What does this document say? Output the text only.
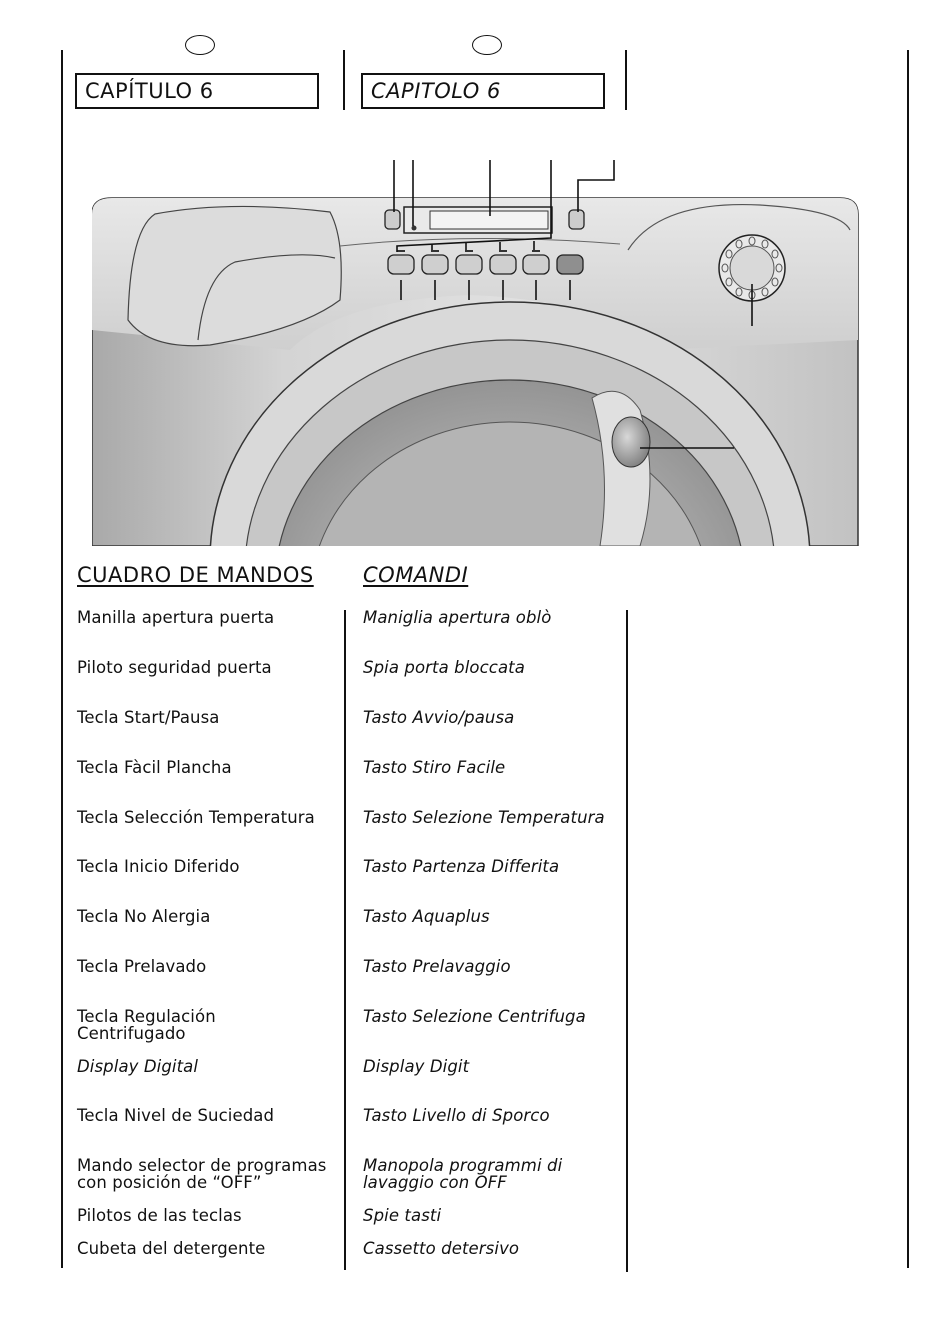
CAPÍTULO 6	CAPITOLO 6
CUADRO DE MANDOS COMANDI
Manilla apertura puerta
Piloto seguridad puerta
Tecla Start/Pausa
Tecla Fàcil Plancha
Tecla Selección Temperatura
Tecla Inicio Diferido
Tecla No Alergia
Tecla Prelavado
Tecla Regulación
Centrifugado
Display Digital
Tecla Nivel de Suciedad
Mando selector de programas
con posición de “OFF”
Pilotos de las teclas
Cubeta del detergente
Maniglia apertura oblò
Spia porta bloccata
Tasto Avvio/pausa
Tasto Stiro Facile
Tasto Selezione Temperatura
Tasto Partenza Differita
Tasto Aquaplus
Tasto Prelavaggio
Tasto Selezione Centrifuga
Display Digit
Tasto Livello di Sporco
Manopola programmi di
lavaggio con OFF
Spie tasti
Cassetto detersivo
